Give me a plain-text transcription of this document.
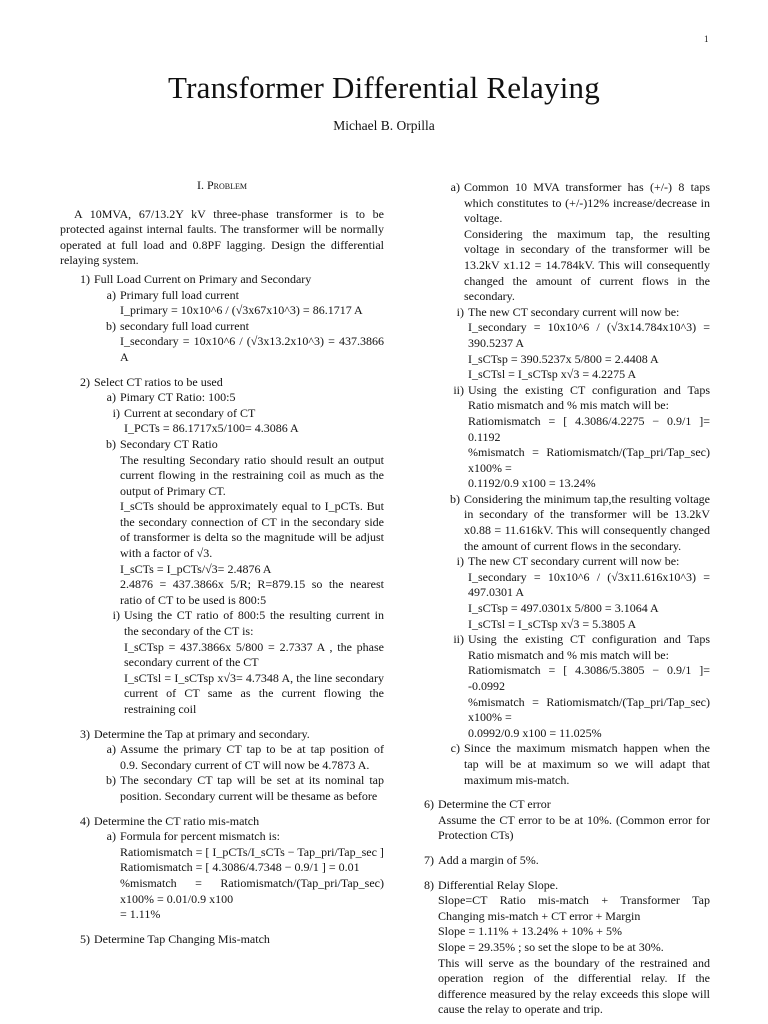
1
Transformer Differential Relaying
Michael B. Orpilla
I. Problem

A 10MVA, 67/13.2Y kV three-phase transformer is to be protected against internal faults. The transformer will be normally operated at full load and 0.8PF lagging. Design the differential relaying system.

1) Full Load Current on Primary and Secondary
a) Primary full load current
I_primary = 10x10^6 / (√3x67x10^3) = 86.1717 A
b) secondary full load current
I_secondary = 10x10^6 / (√3x13.2x10^3) = 437.3866 A
2) Select CT ratios to be used
a) Pimary CT Ratio: 100:5
i) Current at secondary of CT
I_PCTs = 86.1717x5/100= 4.3086 A
b) Secondary CT Ratio
The resulting Secondary ratio should result an output current flowing in the restraining coil as much as the output of Primary CT.
I_sCTs should be approximately equal to I_pCTs. But the secondary connection of CT in the secondary side of transformer is delta so the magnitude will be adjust with a factor of √3.
I_sCTs = I_pCTs/√3= 2.4876 A
2.4876 = 437.3866x 5/R; R=879.15 so the nearest ratio of CT to be used is 800:5
i) Using the CT ratio of 800:5 the resulting current in the secondary of the CT is:
I_sCTsp = 437.3866x 5/800 = 2.7337 A , the phase secondary current of the CT
I_sCTsl = I_sCTsp x√3= 4.7348 A, the line secondary current of CT same as the current flowing the restraining coil
3) Determine the Tap at primary and secondary.
a) Assume the primary CT tap to be at tap position of 0.9. Secondary current of CT will now be 4.7873 A.
b) The secondary CT tap will be set at its nominal tap position. Secondary current will be thesame as before
4) Determine the CT ratio mis-match
a) Formula for percent mismatch is:
Ratiomismatch = [ I_pCTs/I_sCTs − Tap_pri/Tap_sec ]
Ratiomismatch = [ 4.3086/4.7348 − 0.9/1 ] = 0.01
%mismatch = Ratiomismatch/(Tap_pri/Tap_sec) x100% = 0.01/0.9 x100
= 1.11%
5) Determine Tap Changing Mis-match
a) Common 10 MVA transformer has (+/-) 8 taps which constitutes to (+/-)12% increase/decrease in voltage.
Considering the maximum tap, the resulting voltage in secondary of the transformer will be 13.2kV x1.12 = 14.784kV. This will consequently changed the amount of current flows in the secondary.
i) The new CT secondary current will now be:
I_secondary = 10x10^6 / (√3x14.784x10^3) = 390.5237 A
I_sCTsp = 390.5237x 5/800 = 2.4408 A
I_sCTsl = I_sCTsp x√3 = 4.2275 A
ii) Using the existing CT configuration and Taps Ratio mismatch and % mis match will be:
Ratiomismatch = [ 4.3086/4.2275 − 0.9/1 ]= 0.1192
%mismatch = Ratiomismatch/(Tap_pri/Tap_sec) x100% =
0.1192/0.9 x100 = 13.24%
b) Considering the minimum tap,the resulting voltage in secondary of the transformer will be 13.2kV x0.88 = 11.616kV. This will consequently changed the amount of current flows in the secondary.
i) The new CT secondary current will now be:
I_secondary = 10x10^6 / (√3x11.616x10^3) = 497.0301 A
I_sCTsp = 497.0301x 5/800 = 3.1064 A
I_sCTsl = I_sCTsp x√3 = 5.3805 A
ii) Using the existing CT configuration and Taps Ratio mismatch and % mis match will be:
Ratiomismatch = [ 4.3086/5.3805 − 0.9/1 ]= -0.0992
%mismatch = Ratiomismatch/(Tap_pri/Tap_sec) x100% =
0.0992/0.9 x100 = 11.025%
c) Since the maximum mismatch happen when the tap will be at maximum so we will adapt that maximum mis-match.
6) Determine the CT error
Assume the CT error to be at 10%. (Common error for Protection CTs)
7) Add a margin of 5%.
8) Differential Relay Slope.
Slope=CT Ratio mis-match + Transformer Tap Changing mis-match + CT error + Margin
Slope = 1.11% + 13.24% + 10% + 5%
Slope = 29.35% ; so set the slope to be at 30%.
This will serve as the boundary of the restrained and operation region of the differential relay. If the difference measured by the relay exceeds this slope will cause the relay to operate and trip.
